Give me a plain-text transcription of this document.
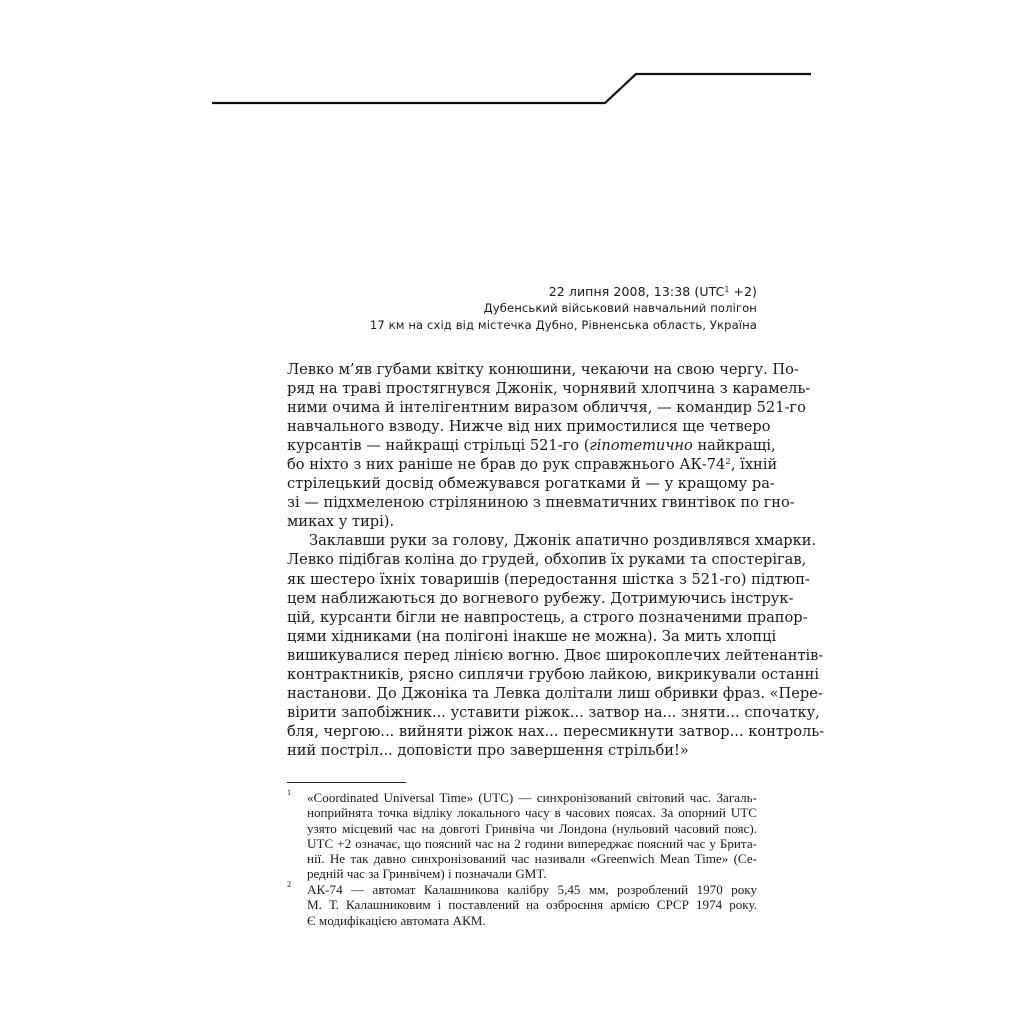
22 липня 2008, 13:38 $(UTC^1 +2)$
Дубенський військовий навчальний полігон
17 км на схід від містечка Дубно, Рівненська область, Україна
Левко м’яв губами квітку конюшини, чекаючи на свою чергу. По-
ряд на траві простягнувся Джонік, чорнявий хлопчина з карамель-
ними очима й інтелігентним виразом обличчя, — командир 521-го
навчального взводу. Нижче від них примостилися ще четверо
курсантів — найкращі стрільці 521-го (гіпотетично найкращі,
бо ніхто з них раніше не брав до рук справжнього $АК-74^2$, їхній
стрілецький досвід обмежувався рогатками й — у кращому ра-
зі — підхмеленою стріляниною з пневматичних гвинтівок по гно-
миках у тирі).
Заклавши руки за голову, Джонік апатично роздивлявся хмарки.
Левко підібгав коліна до грудей, обхопив їх руками та спостерігав,
як шестеро їхніх товаришів (передостання шістка з 521-го) підтюп-
цем наближаються до вогневого рубежу. Дотримуючись інструк-
цій, курсанти бігли не навпростець, а строго позначеними прапор-
цями хідниками (на полігоні інакше не можна). За мить хлопці
вишикувалися перед лінією вогню. Двоє широкоплечих лейтенантів-
контрактників, рясно сиплячи грубою лайкою, викрикували останні
настанови. До Джоніка та Левка долітали лиш обривки фраз. «Пере-
вірити запобіжник... уставити ріжок... затвор на... зняти... спочатку,
бля, чергою... вийняти ріжок нах... пересмикнути затвор... контроль-
ний постріл... доповісти про завершення стрільби!»
1 «Coordinated Universal Time» (UTC) — синхронізований світовий час. Загаль-
ноприйнята точка відліку локального часу в часових поясах. За опорний UTC
узято місцевий час на довготі Гринвіча чи Лондона (нульовий часовий пояс).
UTC +2 означає, що поясний час на 2 години випереджає поясний час у Брита-
нії. Не так давно синхронізований час називали «Greenwich Mean Time» (Се-
редній час за Гринвічем) і позначали GMT.
2 АК-74 — автомат Калашникова калібру 5,45 мм, розроблений 1970 року
М. Т. Калашниковим і поставлений на озброєння армією СРСР 1974 року.
Є модифікацією автомата АКМ.
